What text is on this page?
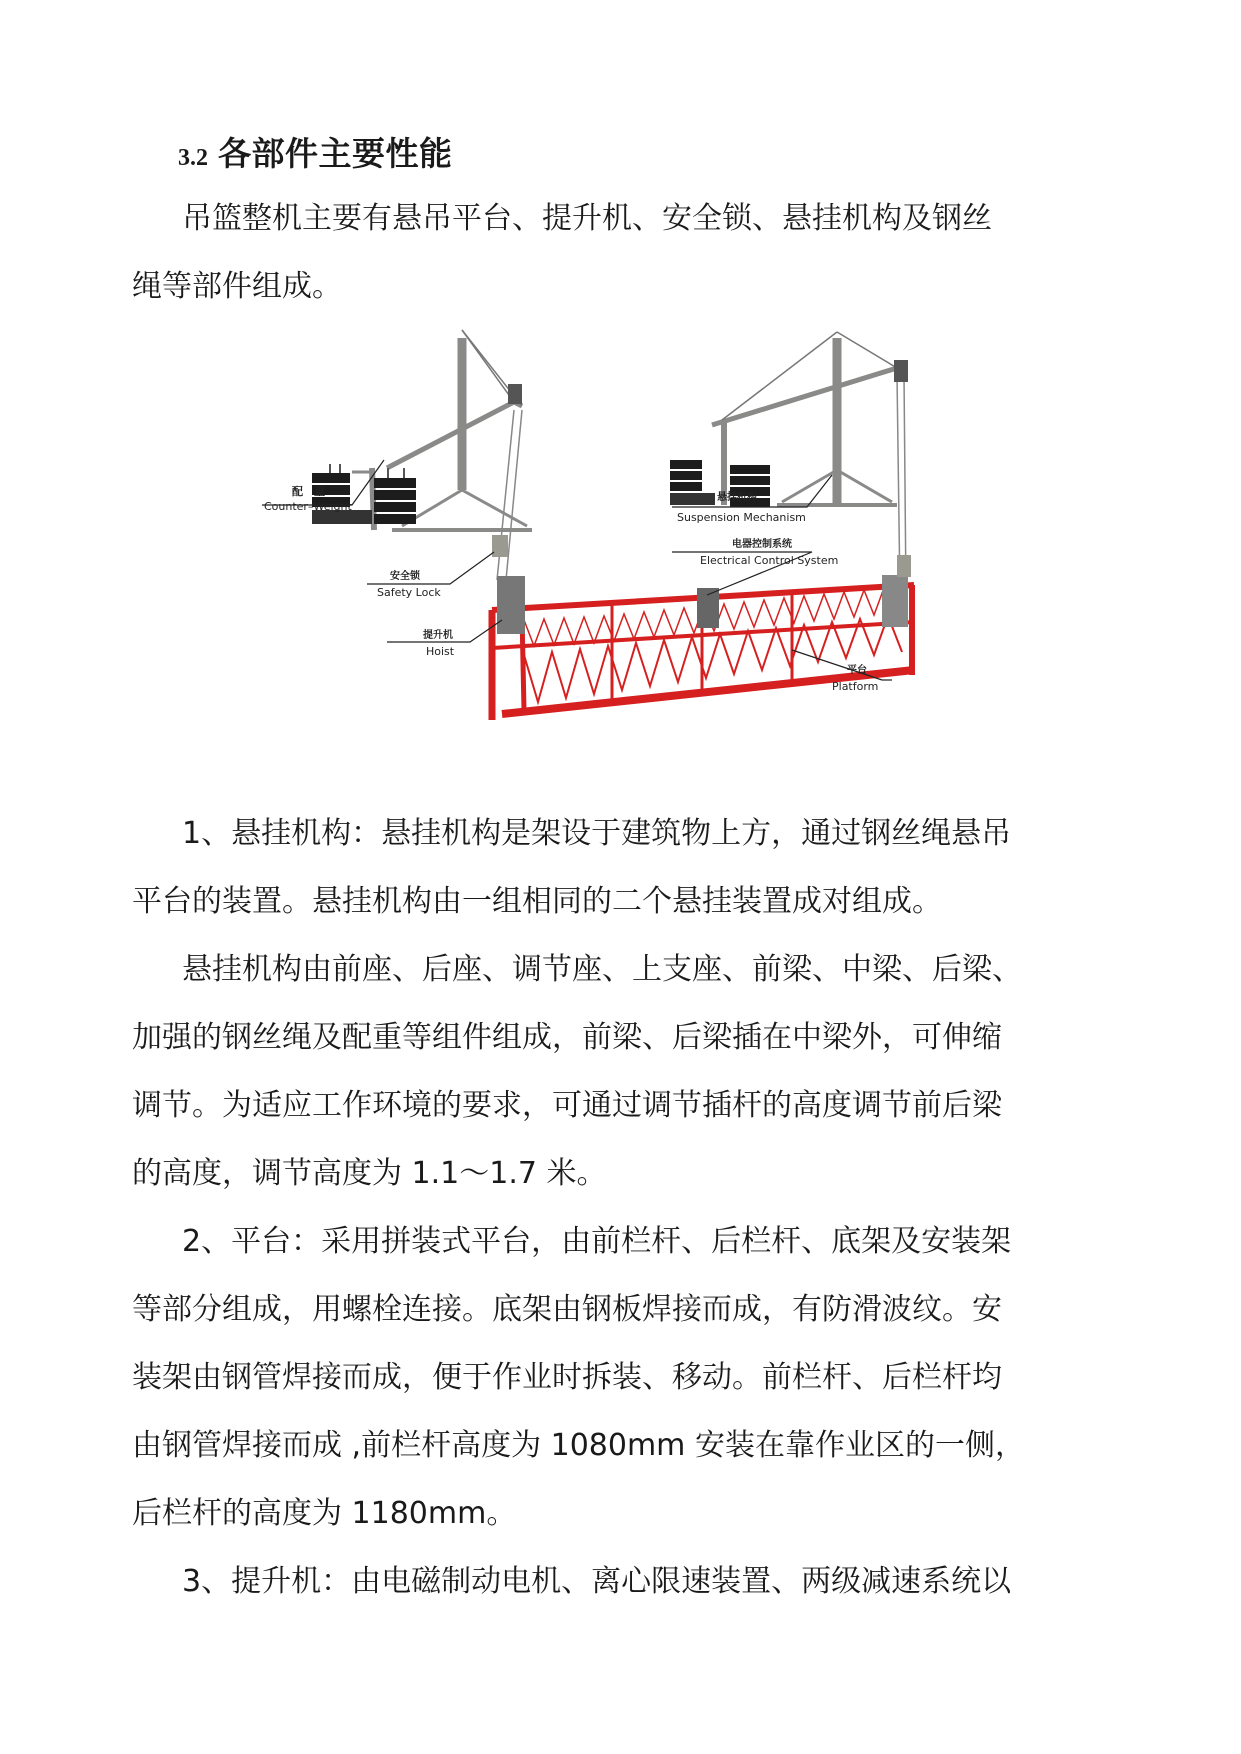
3.2 各部件主要性能

吊篮整机主要有悬吊平台、提升机、安全锁、悬挂机构及钢丝
绳等部件组成。

配　重
Counter–Weight
悬挂机构
Suspension Mechanism
电器控制系统
Electrical Control System
安全锁
Safety Lock
提升机
Hoist
平台
Platform

1、悬挂机构：悬挂机构是架设于建筑物上方，通过钢丝绳悬吊
平台的装置。悬挂机构由一组相同的二个悬挂装置成对组成。

悬挂机构由前座、后座、调节座、上支座、前梁、中梁、后梁、
加强的钢丝绳及配重等组件组成，前梁、后梁插在中梁外，可伸缩
调节。为适应工作环境的要求，可通过调节插杆的高度调节前后梁
的高度，调节高度为 1.1～1.7 米。

2、平台：采用拼装式平台，由前栏杆、后栏杆、底架及安装架
等部分组成，用螺栓连接。底架由钢板焊接而成，有防滑波纹。安
装架由钢管焊接而成，便于作业时拆装、移动。前栏杆、后栏杆均
由钢管焊接而成 ,前栏杆高度为 1080mm 安装在靠作业区的一侧，
后栏杆的高度为 1180mm。

3、提升机：由电磁制动电机、离心限速装置、两级减速系统以
